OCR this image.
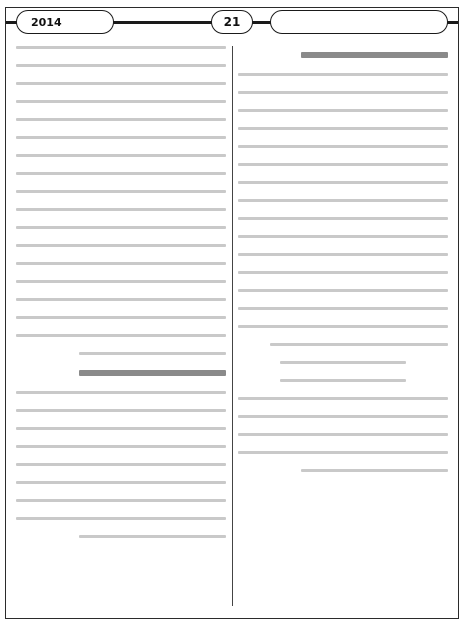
2014	21
